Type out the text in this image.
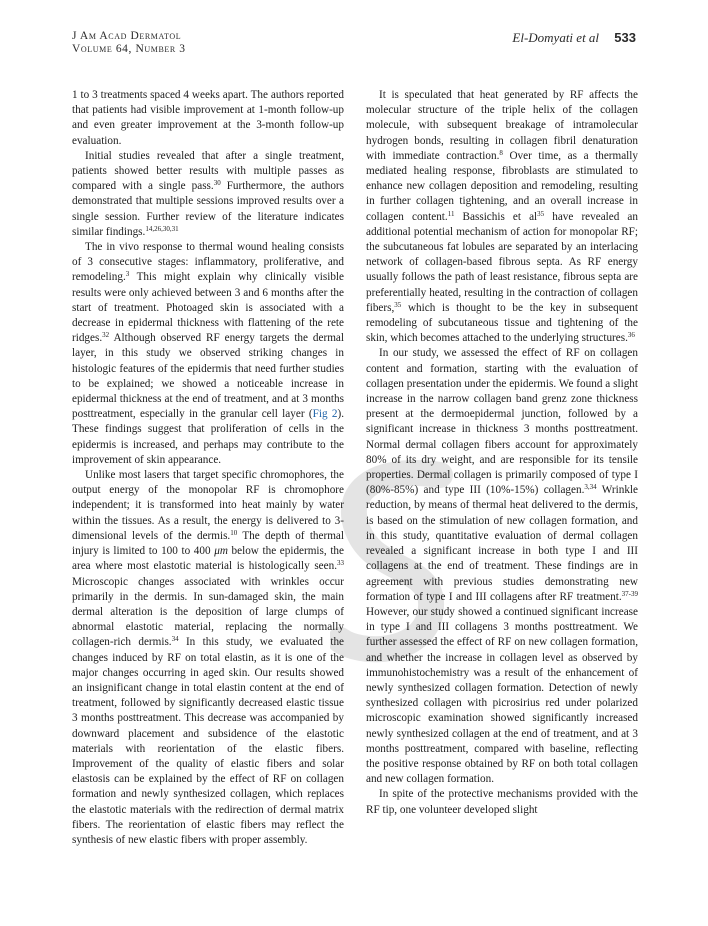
J Am Acad Dermatol
Volume 64, Number 3
El-Domyati et al 533

1 to 3 treatments spaced 4 weeks apart. The authors reported that patients had visible improvement at 1-month follow-up and even greater improvement at the 3-month follow-up evaluation.

Initial studies revealed that after a single treatment, patients showed better results with multiple passes as compared with a single pass.$^{30}$ Furthermore, the authors demonstrated that multiple sessions improved results over a single session. Further review of the literature indicates similar findings.$^{14,26,30,31}$

The in vivo response to thermal wound healing consists of 3 consecutive stages: inflammatory, proliferative, and remodeling.$^3$ This might explain why clinically visible results were only achieved between 3 and 6 months after the start of treatment. Photoaged skin is associated with a decrease in epidermal thickness with flattening of the rete ridges.$^{32}$ Although observed RF energy targets the dermal layer, in this study we observed striking changes in histologic features of the epidermis that need further studies to be explained; we showed a noticeable increase in epidermal thickness at the end of treatment, and at 3 months posttreatment, especially in the granular cell layer (Fig 2). These findings suggest that proliferation of cells in the epidermis is increased, and perhaps may contribute to the improvement of skin appearance.

Unlike most lasers that target specific chromophores, the output energy of the monopolar RF is chromophore independent; it is transformed into heat mainly by water within the tissues. As a result, the energy is delivered to 3-dimensional levels of the dermis.$^{10}$ The depth of thermal injury is limited to 100 to 400 μm below the epidermis, the area where most elastotic material is histologically seen.$^{33}$ Microscopic changes associated with wrinkles occur primarily in the dermis. In sun-damaged skin, the main dermal alteration is the deposition of large clumps of abnormal elastotic material, replacing the normally collagen-rich dermis.$^{34}$ In this study, we evaluated the changes induced by RF on total elastin, as it is one of the major changes occurring in aged skin. Our results showed an insignificant change in total elastin content at the end of treatment, followed by significantly decreased elastic tissue 3 months posttreatment. This decrease was accompanied by downward placement and subsidence of the elastotic materials with reorientation of the elastic fibers. Improvement of the quality of elastic fibers and solar elastosis can be explained by the effect of RF on collagen formation and newly synthesized collagen, which replaces the elastotic materials with the redirection of dermal matrix fibers. The reorientation of elastic fibers may reflect the synthesis of new elastic fibers with proper assembly.

It is speculated that heat generated by RF affects the molecular structure of the triple helix of the collagen molecule, with subsequent breakage of intramolecular hydrogen bonds, resulting in collagen fibril denaturation with immediate contraction.$^8$ Over time, as a thermally mediated healing response, fibroblasts are stimulated to enhance new collagen deposition and remodeling, resulting in further collagen tightening, and an overall increase in collagen content.$^{11}$ Bassichis et $al^{35}$ have revealed an additional potential mechanism of action for monopolar RF; the subcutaneous fat lobules are separated by an interlacing network of collagen-based fibrous septa. As RF energy usually follows the path of least resistance, fibrous septa are preferentially heated, resulting in the contraction of collagen fibers,$^{35}$ which is thought to be the key in subsequent remodeling of subcutaneous tissue and tightening of the skin, which becomes attached to the underlying structures.$^{36}$

In our study, we assessed the effect of RF on collagen content and formation, starting with the evaluation of collagen presentation under the epidermis. We found a slight increase in the narrow collagen band grenz zone thickness present at the dermoepidermal junction, followed by a significant increase in thickness 3 months posttreatment. Normal dermal collagen fibers account for approximately 80% of its dry weight, and are responsible for its tensile properties. Dermal collagen is primarily composed of type I (80%-85%) and type III (10%-15%) collagen.$^{3,34}$ Wrinkle reduction, by means of thermal heat delivered to the dermis, is based on the stimulation of new collagen formation, and in this study, quantitative evaluation of dermal collagen revealed a significant increase in both type I and III collagens at the end of treatment. These findings are in agreement with previous studies demonstrating new formation of type I and III collagens after RF treatment.$^{37-39}$ However, our study showed a continued significant increase in type I and III collagens 3 months posttreatment. We further assessed the effect of RF on new collagen formation, and whether the increase in collagen level as observed by immunohistochemistry was a result of the enhancement of newly synthesized collagen formation. Detection of newly synthesized collagen with picrosirius red under polarized microscopic examination showed significantly increased newly synthesized collagen at the end of treatment, and at 3 months posttreatment, compared with baseline, reflecting the positive response obtained by RF on both total collagen and new collagen formation.

In spite of the protective mechanisms provided with the RF tip, one volunteer developed slight
